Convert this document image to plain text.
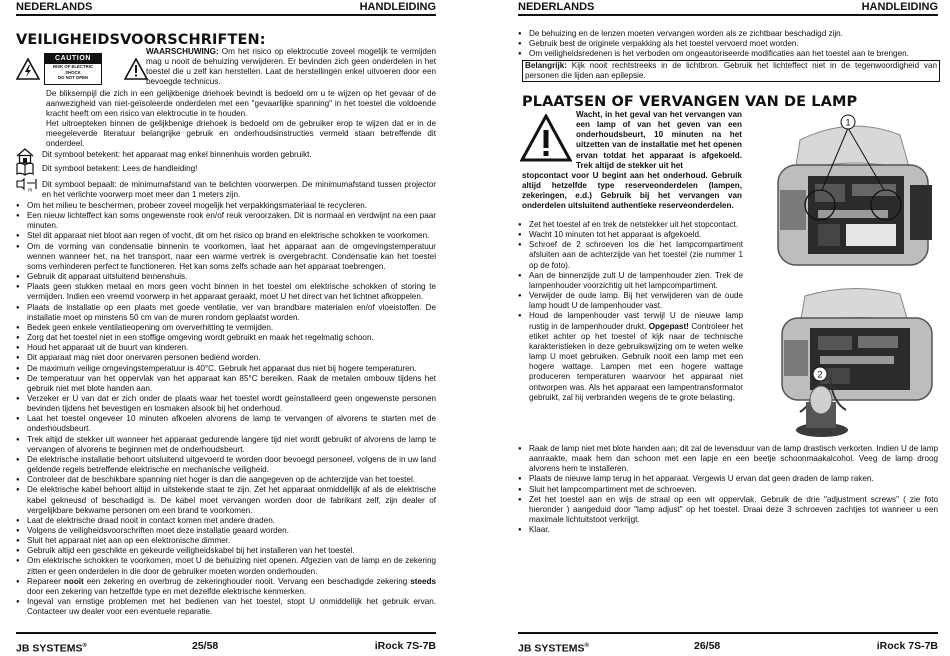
NEDERLANDS	HANDLEIDING
VEILIGHEIDSVOORSCHRIFTEN:
CAUTION
RISK OF ELECTRIC SHOCK
DO NOT OPEN
WAARSCHUWING: Om het risico op elektrocutie zoveel mogelijk te vermijden mag u nooit de behuizing verwijderen. Er bevinden zich geen onderdelen in het toestel die u zelf kan herstellen. Laat de herstellingen enkel uitvoeren door een bevoegde technicus.
De bliksempijl die zich in een gelijkbenige driehoek bevindt is bedoeld om u te wijzen op het gevaar of de aanwezigheid van niet-geïsoleerde onderdelen met een "gevaarlijke spanning" in het toestel die voldoende kracht heeft om een risico van elektrocutie in te houden.
Het uitroepteken binnen de gelijkbenige driehoek is bedoeld om de gebruiker erop te wijzen dat er in de meegeleverde literatuur belangrijke gebruik en onderhoudsinstructies vermeld staan betreffende dit onderdeel.
Dit symbool betekent: het apparaat mag enkel binnenhuis worden gebruikt.
Dit symbool betekent: Lees de handleiding!
m
Dit symbool bepaalt: de minimumafstand van te belichten voorwerpen. De minimumafstand tussen projector en het verlichte voorwerp moet meer dan 1 meters zijn.
● Om het milieu te beschermen, probeer zoveel mogelijk het verpakkingsmateriaal te recycleren.
● Een nieuw lichteffect kan soms ongewenste rook en/of reuk veroorzaken. Dit is normaal en verdwijnt na een paar minuten.
● Stel dit apparaat niet bloot aan regen of vocht, dit om het risico op brand en elektrische schokken te voorkomen.
● Om de vorming van condensatie binnenin te voorkomen, laat het apparaat aan de omgevingstemperatuur wennen wanneer het, na het transport, naar een warme vertrek is overgebracht. Condensatie kan het toestel soms verhinderen perfect te functioneren. Het kan soms zelfs schade aan het apparaat toebrengen.
● Gebruik dit apparaat uitsluitend binnenshuis.
● Plaats geen stukken metaal en mors geen vocht binnen in het toestel om elektrische schokken of storing te vermijden. Indien een vreemd voorwerp in het apparaat geraakt, moet U het direct van het lichtnet afkoppelen.
● Plaats de installatie op een plaats met goede ventilatie, ver van brandbare materialen en/of vloeistoffen. De installatie moet op minstens 50 cm van de muren rondom geplaatst worden.
● Bedek geen enkele ventilatieopening om oververhitting te vermijden.
● Zorg dat het toestel niet in een stoffige omgeving wordt gebruikt en maak het regelmatig schoon.
● Houd het apparaat uit de buurt van kinderen.
● Dit apparaat mag niet door onervaren personen bediend worden.
● De maximum veilige omgevingstemperatuur is 40°C. Gebruik het apparaat dus niet bij hogere temperaturen.
● De temperatuur van het oppervlak van het apparaat kan 85°C bereiken. Raak de metalen ombouw tijdens het gebruik niet met blote handen aan.
● Verzeker er U van dat er zich onder de plaats waar het toestel wordt geïnstalleerd geen ongewenste personen bevinden tijdens het bevestigen en losmaken alsook bij het onderhoud.
● Laat het toestel ongeveer 10 minuten afkoelen alvorens de lamp te vervangen of alvorens te starten met de onderhoudsbeurt.
● Trek altijd de stekker uit wanneer het apparaat gedurende langere tijd niet wordt gebruikt of alvorens de lamp te vervangen of alvorens te beginnen met de onderhoudsbeurt.
● De elektrische installatie behoort uitsluitend uitgevoerd te worden door bevoegd personeel, volgens de in uw land geldende regels betreffende elektrische en mechanische veiligheid.
● Controleer dat de beschikbare spanning niet hoger is dan die aangegeven op de achterzijde van het toestel.
● De elektrische kabel behoort altijd in uitstekende staat te zijn. Zet het apparaat onmiddellijk af als de elektrische kabel gekneusd of beschadigd is. De kabel moet vervangen worden door de fabrikant zelf, zijn dealer of vergelijkbare bekwame personen om een brand te voorkomen.
● Laat de elektrische draad nooit in contact komen met andere draden.
● Volgens de veiligheidsvoorschriften moet deze installatie geaard worden.
● Sluit het apparaat niet aan op een elektronische dimmer.
● Gebruik altijd een geschikte en gekeurde veiligheidskabel bij het installeren van het toestel.
● Om elektrische schokken te voorkomen, moet U de behuizing niet openen. Afgezien van de lamp en de zekering zitten er geen onderdelen in die door de gebruiker moeten worden onderhouden.
● Repareer nooit een zekering en overbrug de zekeringhouder nooit. Vervang een beschadigde zekering steeds door een zekering van hetzelfde type en met dezelfde elektrische kenmerken.
● Ingeval van ernstige problemen met het bedienen van het toestel, stopt U onmiddellijk het gebruik ervan. Contacteer uw dealer voor een eventuele reparatie.
JB SYSTEMS®	25/58	iRock 7S-7B
NEDERLANDS	HANDLEIDING
● De behuizing en de lenzen moeten vervangen worden als ze zichtbaar beschadigd zijn.
● Gebruik best de originele verpakking als het toestel vervoerd moet worden.
● Om veiligheidsredenen is het verboden om ongeautoriseerde modificaties aan het toestel aan te brengen.
Belangrijk: Kijk nooit rechtstreeks in de lichtbron. Gebruik het lichteffect niet in de tegenwoordigheid van personen die lijden aan epilepsie.
PLAATSEN OF VERVANGEN VAN DE LAMP
Wacht, in het geval van het vervangen van een lamp of van het geven van een onderhoudsbeurt, 10 minuten na het uitzetten van de installatie met het openen ervan totdat het apparaat is afgekoeld. Trek altijd de stekker uit het
stopcontact voor U begint aan het onderhoud. Gebruik altijd hetzelfde type reserveonderdelen (lampen, zekeringen, e.d.) Gebruik bij het vervangen van onderdelen uitsluitend authentieke reserveonderdelen.
● Zet het toestel af en trek de netstekker uit het stopcontact.
● Wacht 10 minuten tot het apparaat is afgekoeld.
● Schroef de 2 schroeven los die het lampcompartiment afsluiten aan de achterzijde van het toestel (zie nummer 1 op de foto).
● Aan de binnenzijde zult U de lampenhouder zien. Trek de lampenhouder voorzichtig uit het lampcompartiment.
● Verwijder de oude lamp. Bij het verwijderen van de oude lamp houdt U de lampenhouder vast.
● Houd de lampenhouder vast terwijl U de nieuwe lamp rustig in de lampenhouder drukt. Opgepast! Controleer het etiket achter op het toestel of kijk naar de technische karakteristieken in deze gebruikswijzing om te weten welke lamp U moet gebruiken. Gebruik nooit een lamp met een hogere wattage. Lampen met een hogere wattage produceren temperaturen waarvoor het apparaat niet ontworpen was. Als het apparaat een lampentransformator gebruikt, zal hij verbranden wegens de te grote belasting.
● Raak de lamp niet met blote handen aan; dit zal de levensduur van de lamp drastisch verkorten. Indien U de lamp aanraakte, maak hem dan schoon met een lapje en een beetje schoonmaakalcohol. Veeg de lamp droog alvorens hem te installeren.
● Plaats de nieuwe lamp terug in het apparaat. Vergewis U ervan dat geen draden de lamp raken.
● Sluit het lampcompartiment met de schroeven.
● Zet het toestel aan en wijs de straal op een wit oppervlak. Gebruik de drie "adjustment screws" ( zie foto hieronder ) aangeduid door "lamp adjust" op het toestel. Draai deze 3 schroeven zachtjes tot wanneer u een maximale lichtuitstoot verkrijgt.
● Klaar.
1
2
JB SYSTEMS®	26/58	iRock 7S-7B
